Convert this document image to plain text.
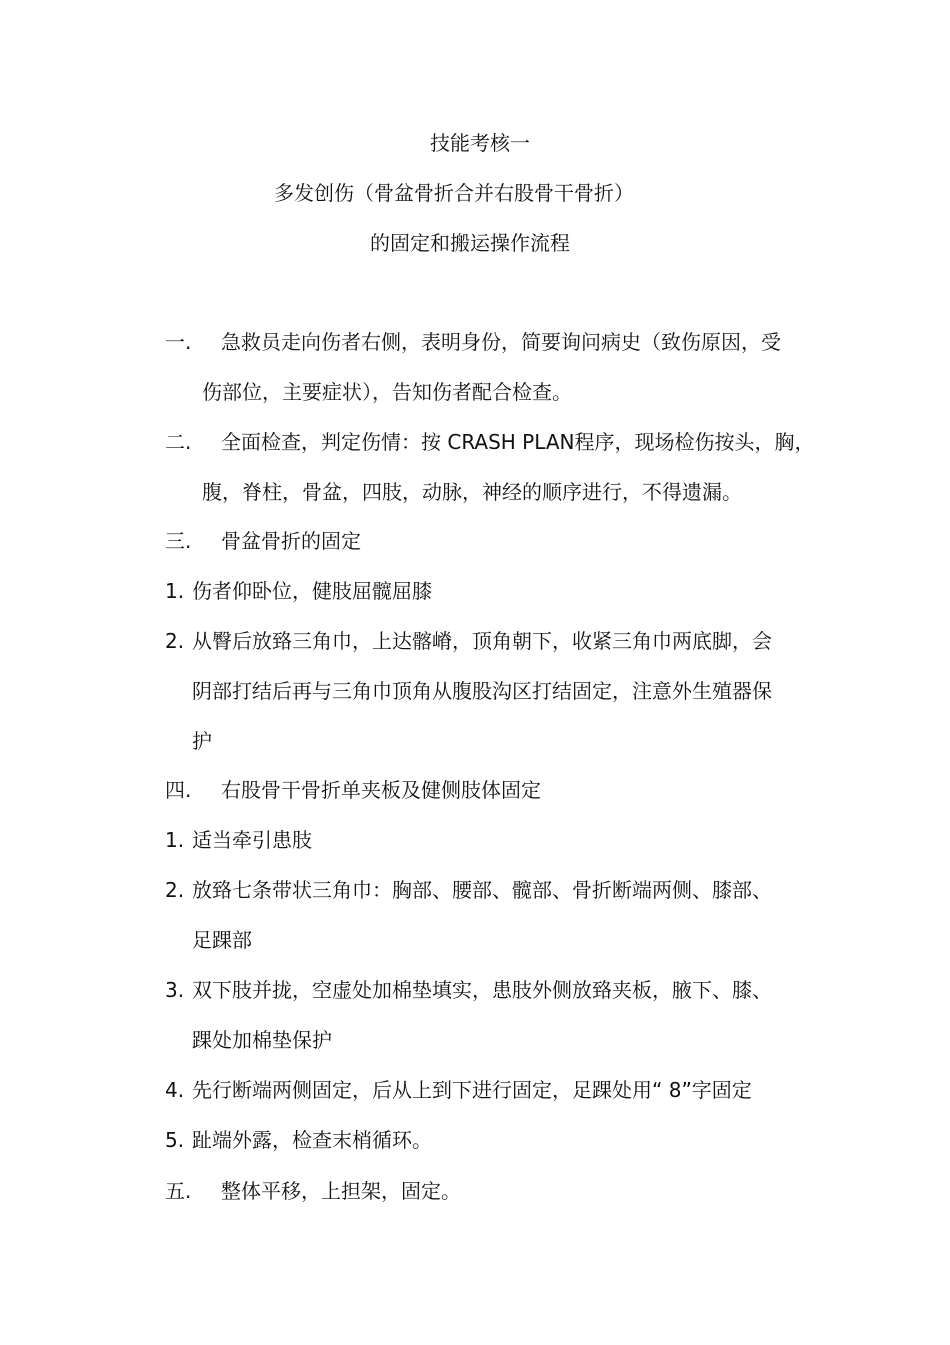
技能考核一
多发创伤（骨盆骨折合并右股骨干骨折）
的固定和搬运操作流程
一. 急救员走向伤者右侧，表明身份，简要询问病史（致伤原因，受
伤部位，主要症状），告知伤者配合检查。
二. 全面检查，判定伤情：按 CRASH PLAN程序，现场检伤按头，胸，
腹，脊柱，骨盆，四肢，动脉，神经的顺序进行，不得遗漏。
三. 骨盆骨折的固定
1. 伤者仰卧位，健肢屈髋屈膝
2. 从臀后放臵三角巾，上达髂嵴，顶角朝下，收紧三角巾两底脚，会
阴部打结后再与三角巾顶角从腹股沟区打结固定，注意外生殖器保
护
四. 右股骨干骨折单夹板及健侧肢体固定
1. 适当牵引患肢
2. 放臵七条带状三角巾：胸部、腰部、髋部、骨折断端两侧、膝部、
足踝部
3. 双下肢并拢，空虚处加棉垫填实，患肢外侧放臵夹板，腋下、膝、
踝处加棉垫保护
4. 先行断端两侧固定，后从上到下进行固定，足踝处用“ 8”字固定
5. 趾端外露，检查末梢循环。
五. 整体平移，上担架，固定。
